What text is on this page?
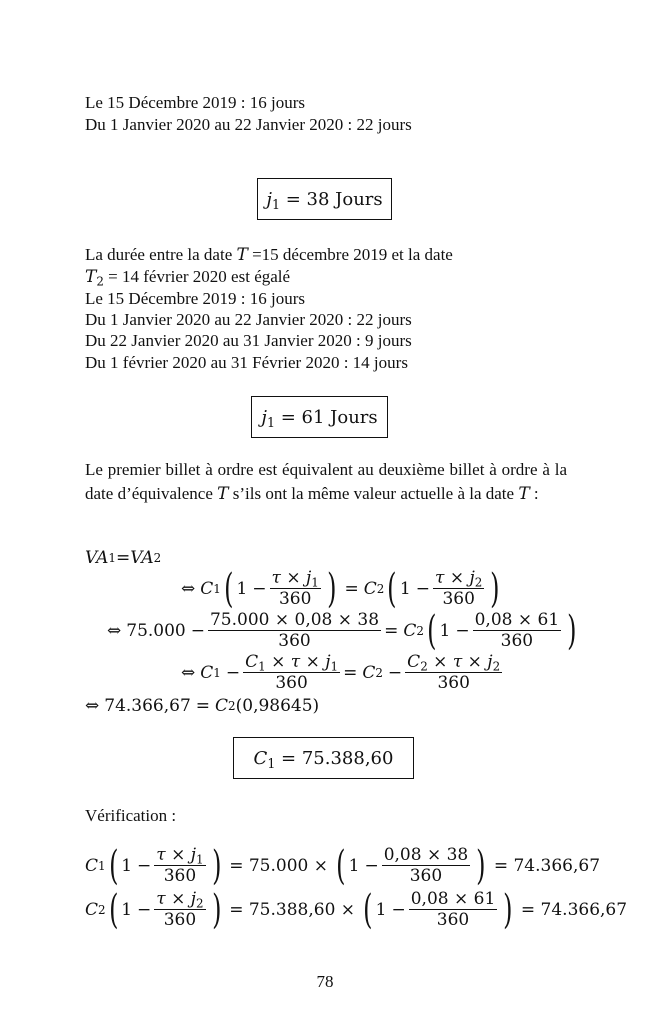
Le 15 Décembre 2019 : 16 jours
Du 1 Janvier 2020 au 22 Janvier 2020 : 22 jours
$j_1 = 38$ Jours
La durée entre la date T =15 décembre 2019 et la date
$T_2 = 14$ février 2020 est égalé
Le 15 Décembre 2019 : 16 jours
Du 1 Janvier 2020 au 22 Janvier 2020 : 22 jours
Du 22 Janvier 2020 au 31 Janvier 2020 : 9 jours
Du 1 février 2020 au 31 Février 2020 : 14 jours
$j_1 = 61$ Jours
Le premier billet à ordre est équivalent au deuxième billet à ordre à la date d’équivalence T s’ils ont la même valeur actuelle à la date T :
VA 1 = VA 2
⇔ C 1 ( $1 - \frac{\tau \times j_1}{360}$ ) = C 2 ( $1 - \frac{\tau \times j_2}{360}$ )
⇔ $75.000 - \frac{75.000 \times 0,08 \times 38}{360} = C$ 2 ( $1 - \frac{0,08 \times 61}{360}$ )
⇔ C $1 - \frac{C_1 \times \tau \times j_1}{360} = C$ $2 - \frac{C_2 \times \tau \times j_2}{360}$
⇔ 74.366,67 = C 2 (0,98645)
$C_1 = 75.388,60$
Vérification :
C 1 ( $1 - \frac{\tau \times j_1}{360}$ ) = 75.000 × ( $1 - \frac{0,08 \times 38}{360}$ ) = 74.366,67
C 2 ( $1 - \frac{\tau \times j_2}{360}$ ) = 75.388,60 × ( $1 - \frac{0,08 \times 61}{360}$ ) = 74.366,67
78
